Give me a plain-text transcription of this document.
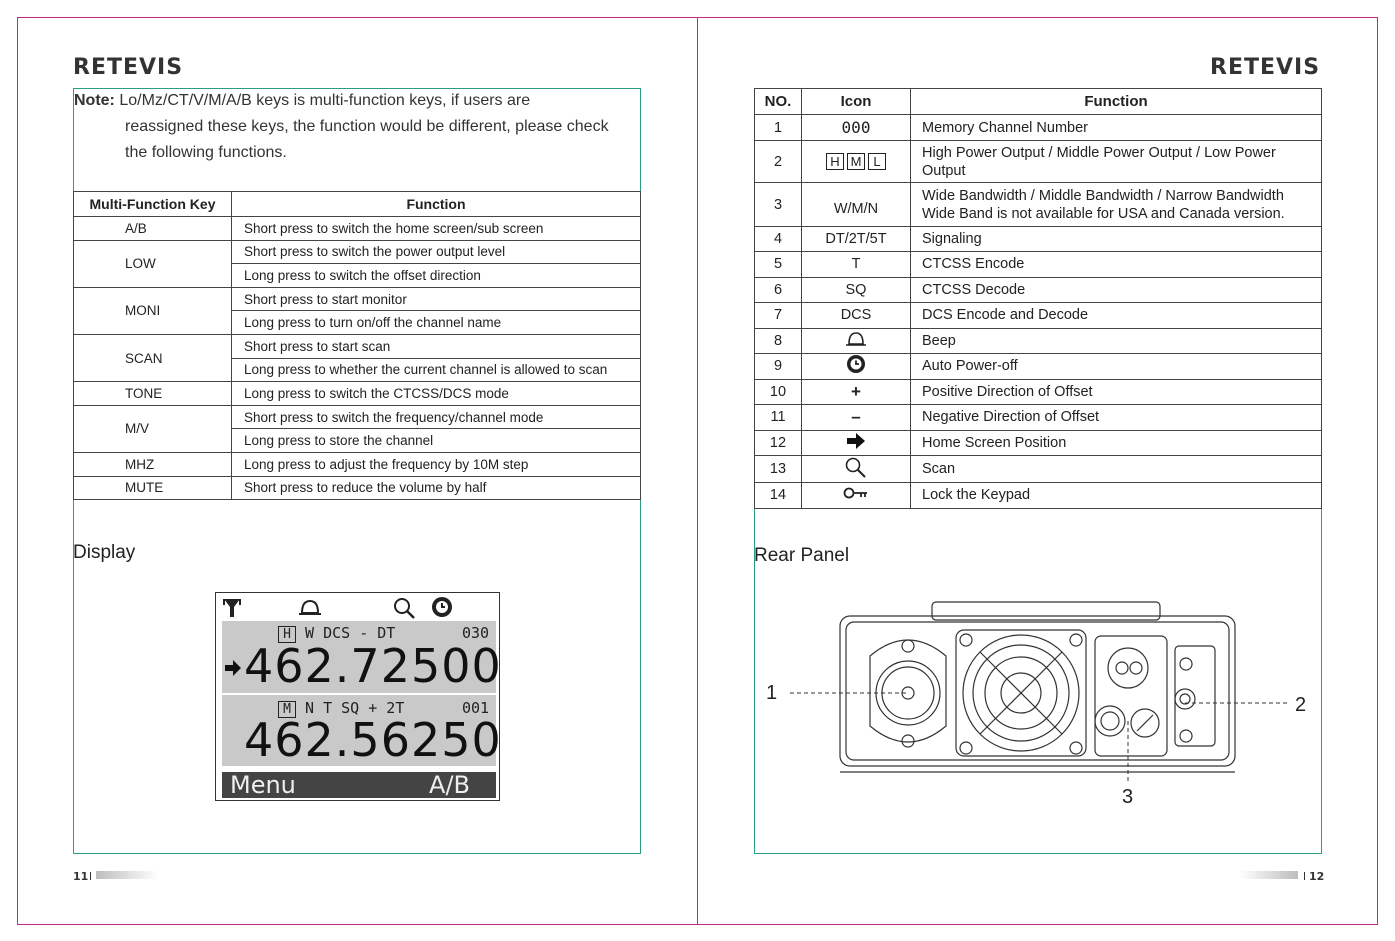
RETEVIS	RETEVIS
Note: Lo/Mz/CT/V/M/A/B keys is multi-function keys, if users are
reassigned these keys, the function would be different, please check
the following functions.
Multi-Function Key	Function
A/B	Short press to switch the home screen/sub screen
LOW	Short press to switch the power output level
	Long press to switch the offset direction
MONI	Short press to start monitor
	Long press to turn on/off the channel name
SCAN	Short press to start scan
	Long press to whether the current channel is allowed to scan
TONE	Long press to switch the CTCSS/DCS mode
M/V	Short press to switch the frequency/channel mode
	Long press to store the channel
MHZ	Long press to adjust the frequency by 10M step
MUTE	Short press to reduce the volume by half
Display
H W DCS - DT	030
462.72500
M N T SQ + 2T	001
462.56250
Menu	A/B
11
NO.	Icon	Function
1	000	Memory Channel Number
2	H M L	High Power Output / Middle Power Output / Low Power Output
3	W/M/N	Wide Bandwidth / Middle Bandwidth / Narrow Bandwidth
Wide Band is not available for USA and Canada version.

4	DT/2T/5T	Signaling
5	T	CTCSS Encode
6	SQ	CTCSS Decode
7	DCS	DCS Encode and Decode
8		Beep
9		Auto Power-off
10	+	Positive Direction of Offset
11	–	Negative Direction of Offset
12		Home Screen Position
13		Scan
14		Lock the Keypad
Rear Panel
1
2
3
12
